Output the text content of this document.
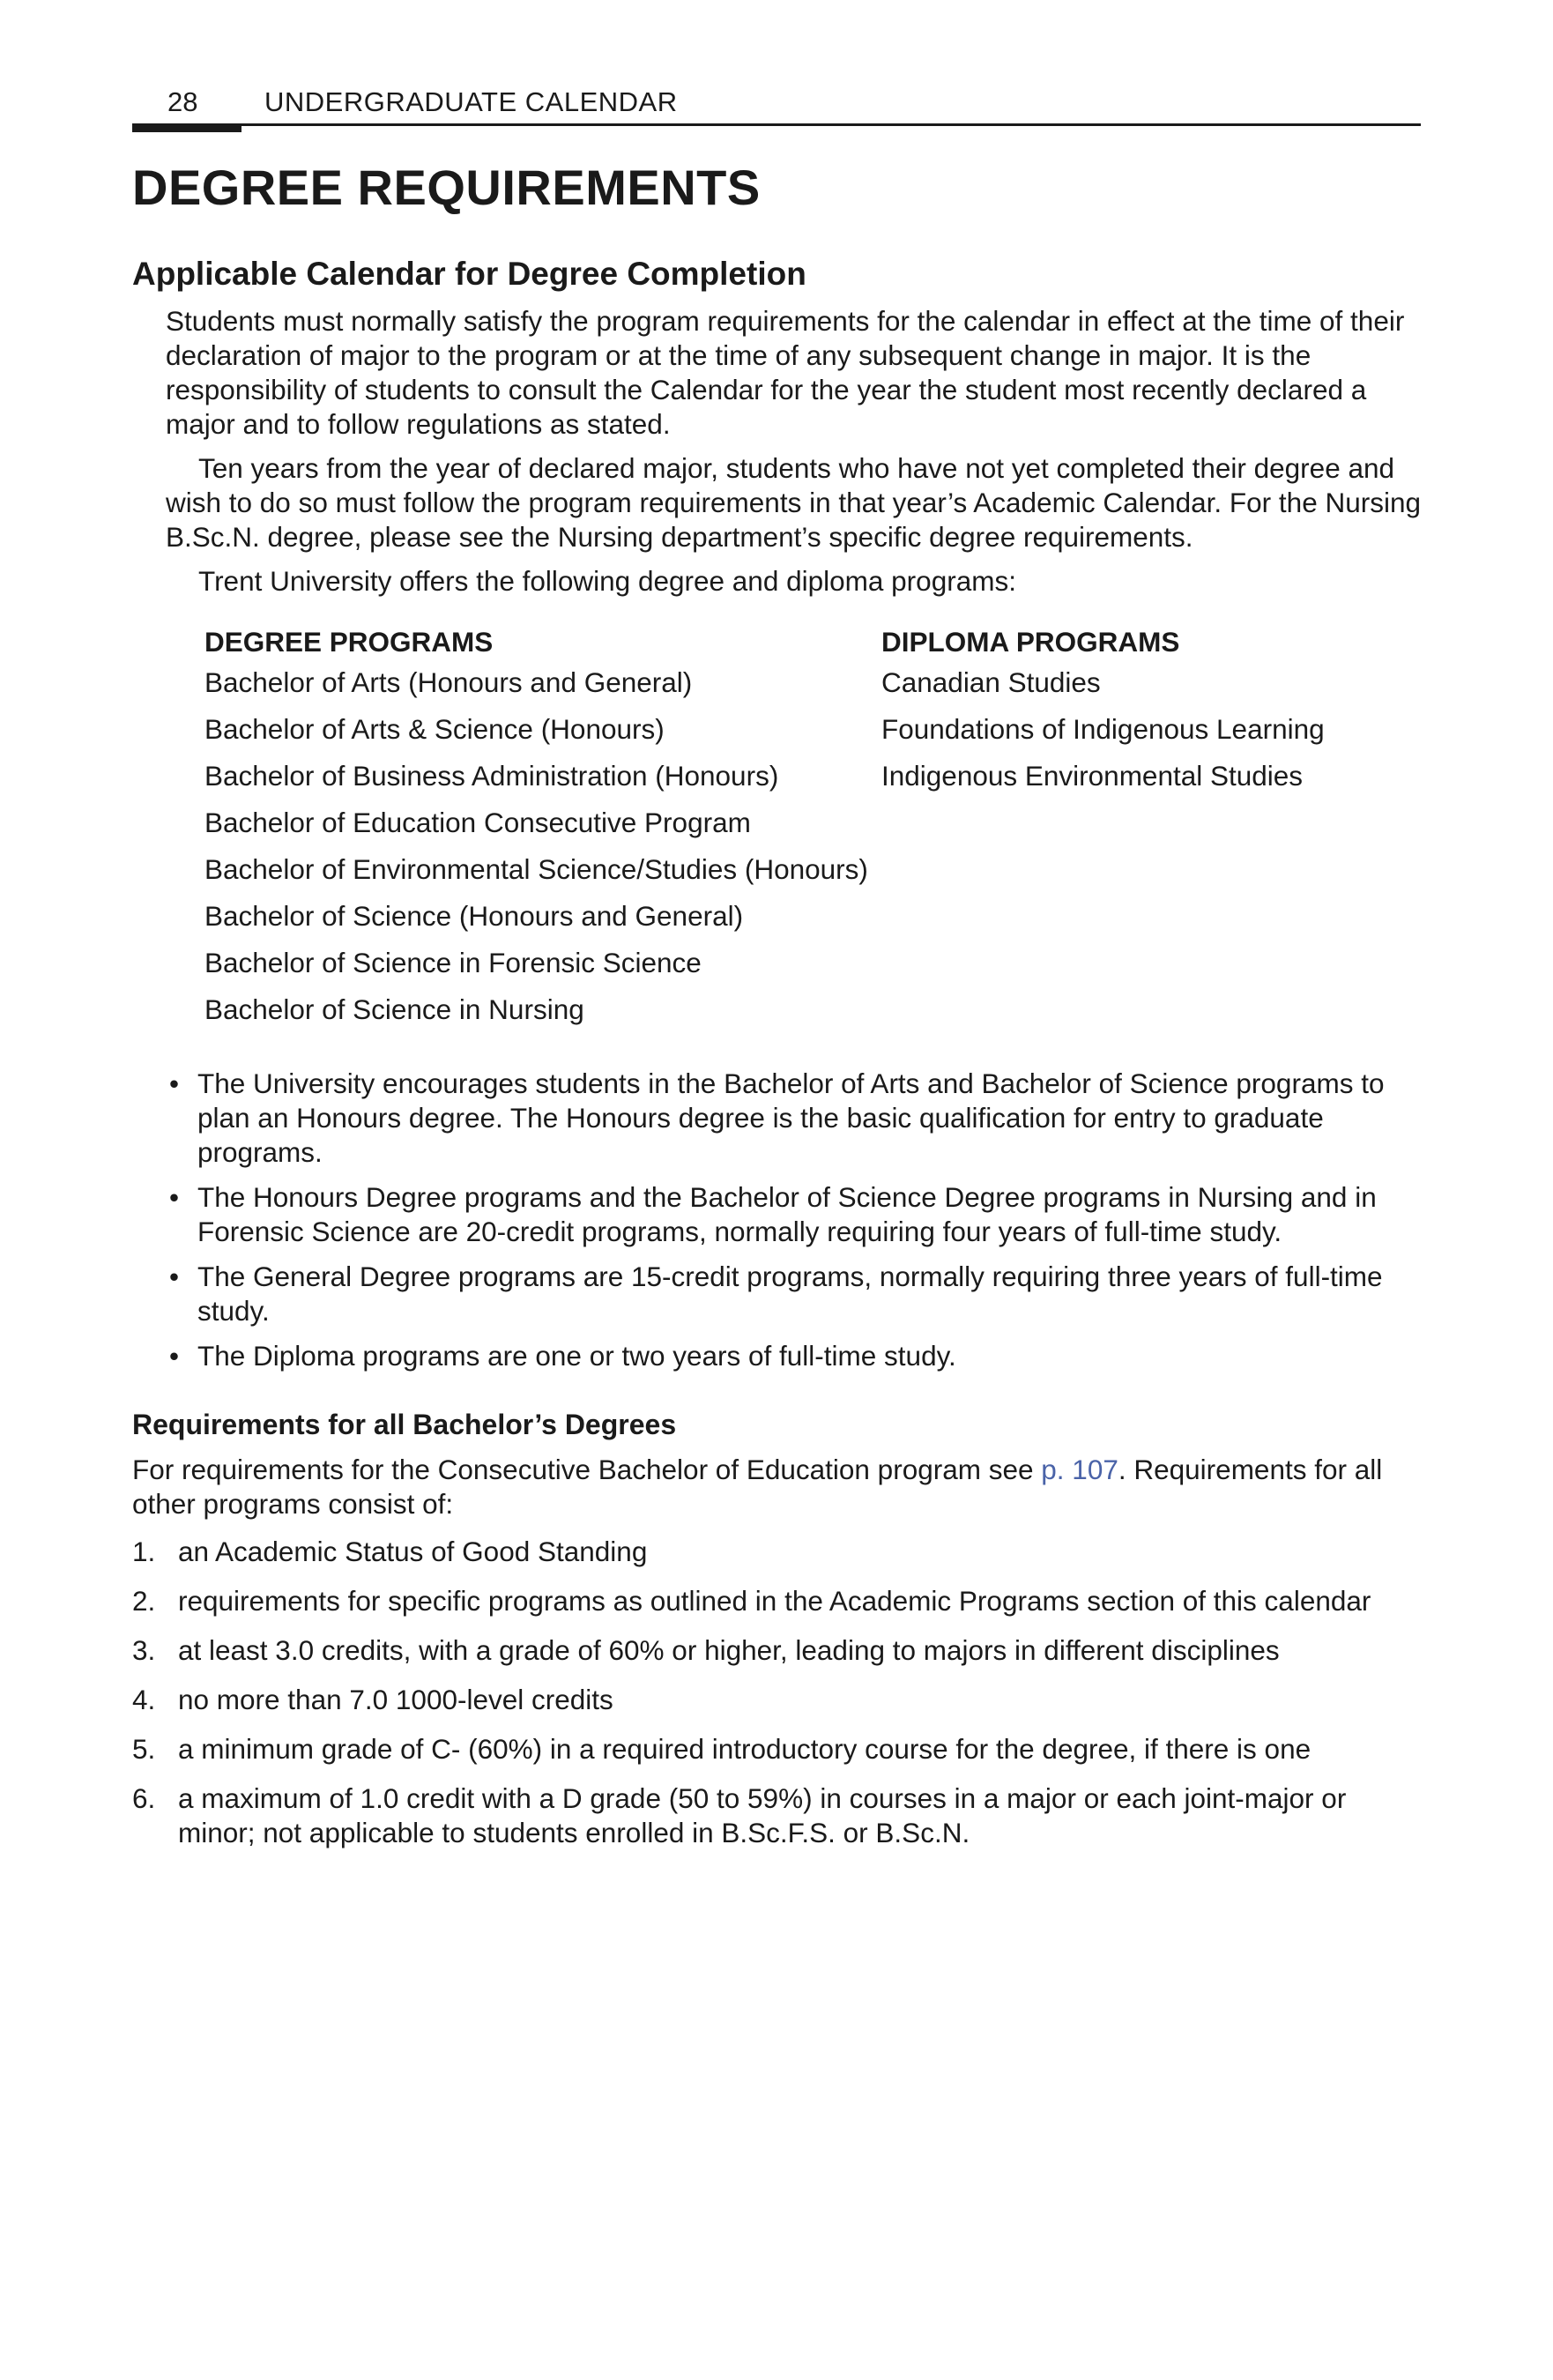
28 UNDERGRADUATE CALENDAR
DEGREE REQUIREMENTS
Applicable Calendar for Degree Completion

Students must normally satisfy the program requirements for the calendar in effect at the time of their declaration of major to the program or at the time of any subsequent change in major. It is the responsibility of students to consult the Calendar for the year the student most recently declared a major and to follow regulations as stated.

Ten years from the year of declared major, students who have not yet completed their degree and wish to do so must follow the program requirements in that year’s Academic Calendar. For the Nursing B.Sc.N. degree, please see the Nursing department’s specific degree requirements.

Trent University offers the following degree and diploma programs:

DEGREE PROGRAMS
Bachelor of Arts (Honours and General)
Bachelor of Arts & Science (Honours)
Bachelor of Business Administration (Honours)
Bachelor of Education Consecutive Program
Bachelor of Environmental Science/Studies (Honours)
Bachelor of Science (Honours and General)
Bachelor of Science in Forensic Science
Bachelor of Science in Nursing
DIPLOMA PROGRAMS
Canadian Studies
Foundations of Indigenous Learning
Indigenous Environmental Studies
• The University encourages students in the Bachelor of Arts and Bachelor of Science programs to plan an Honours degree. The Honours degree is the basic qualification for entry to graduate programs.
• The Honours Degree programs and the Bachelor of Science Degree programs in Nursing and in Forensic Science are 20-credit programs, normally requiring four years of full-time study.
• The General Degree programs are 15-credit programs, normally requiring three years of full-time study.
• The Diploma programs are one or two years of full-time study.
Requirements for all Bachelor’s Degrees

For requirements for the Consecutive Bachelor of Education program see p. 107. Requirements for all other programs consist of:

1. an Academic Status of Good Standing
2. requirements for specific programs as outlined in the Academic Programs section of this calendar
3. at least 3.0 credits, with a grade of 60% or higher, leading to majors in different disciplines
4. no more than 7.0 1000-level credits
5. a minimum grade of C- (60%) in a required introductory course for the degree, if there is one
6. a maximum of 1.0 credit with a D grade (50 to 59%) in courses in a major or each joint-major or minor; not applicable to students enrolled in B.Sc.F.S. or B.Sc.N.
